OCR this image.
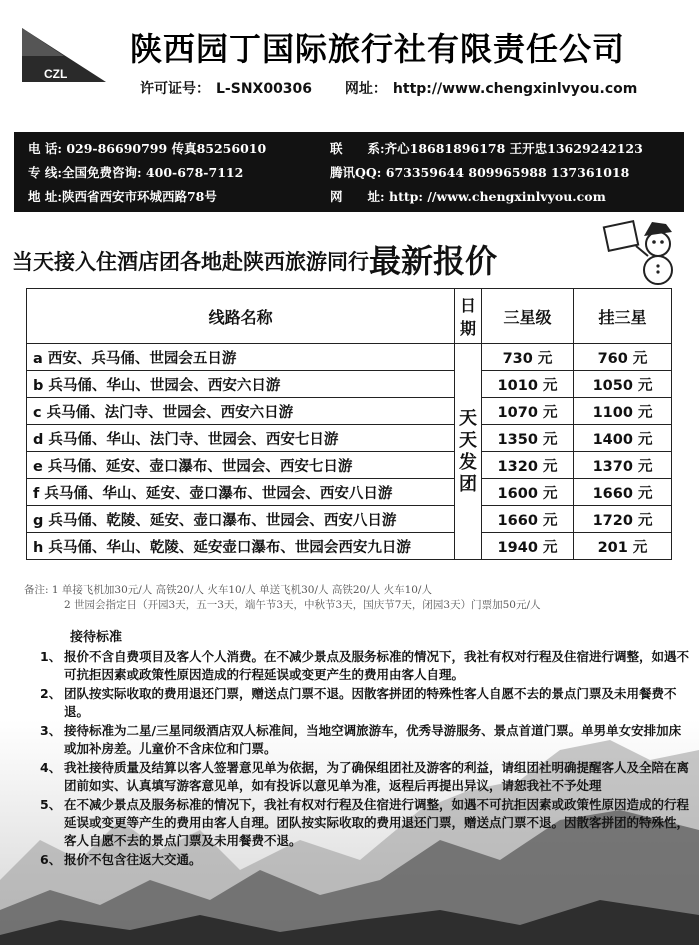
CZL
陕西园丁国际旅行社有限责任公司
许可证号： L-SNX00306 网址： http://www.chengxinlvyou.com
电 话: 029-86690799 传真85256010	联　　系:齐心18681896178 王开忠13629242123
专 线:全国免费咨询: 400-678-7112	腾讯QQ: 673359644 809965988 137361018
地 址:陕西省西安市环城西路78号	网　　址: http: //www.chengxinlvyou.com
当天接入住酒店团各地赴陕西旅游同行最新报价
线路名称	日期	三星级	挂三星
a 西安、兵马俑、世园会五日游	天天发团	730 元	760 元
b 兵马俑、华山、世园会、西安六日游		1010 元	1050 元
c 兵马俑、法门寺、世园会、西安六日游		1070 元	1100 元
d 兵马俑、华山、法门寺、世园会、西安七日游		1350 元	1400 元
e 兵马俑、延安、壶口瀑布、世园会、西安七日游		1320 元	1370 元
f 兵马俑、华山、延安、壶口瀑布、世园会、西安八日游		1600 元	1660 元
g 兵马俑、乾陵、延安、壶口瀑布、世园会、西安八日游		1660 元	1720 元
h 兵马俑、华山、乾陵、延安壶口瀑布、世园会西安九日游		1940 元	201 元
备注: 1 单接飞机加30元/人 高铁20/人 火车10/人 单送飞机30/人 高铁20/人 火车10/人
2 世园会指定日（开园3天，五一3天，端午节3天，中秋节3天，国庆节7天，闭园3天）门票加50元/人
接待标准
1、 报价不含自费项目及客人个人消费。在不减少景点及服务标准的情况下，我社有权对行程及住宿进行调整，如遇不可抗拒因素或政策性原因造成的行程延误或变更产生的费用由客人自理。
2、 团队按实际收取的费用退还门票，赠送点门票不退。因散客拼团的特殊性客人自愿不去的景点门票及未用餐费不退。
3、 接待标准为二星/三星同级酒店双人标准间，当地空调旅游车，优秀导游服务、景点首道门票。单男单女安排加床或加补房差。儿童价不含床位和门票。
4、 我社接待质量及结算以客人签署意见单为依据，为了确保组团社及游客的利益，请组团社明确提醒客人及全陪在离团前如实、认真填写游客意见单，如有投诉以意见单为准，返程后再提出异议，请恕我社不予处理
5、 在不减少景点及服务标准的情况下，我社有权对行程及住宿进行调整，如遇不可抗拒因素或政策性原因造成的行程延误或变更等产生的费用由客人自理。团队按实际收取的费用退还门票，赠送点门票不退。因散客拼团的特殊性，客人自愿不去的景点门票及未用餐费不退。
6、 报价不包含往返大交通。
